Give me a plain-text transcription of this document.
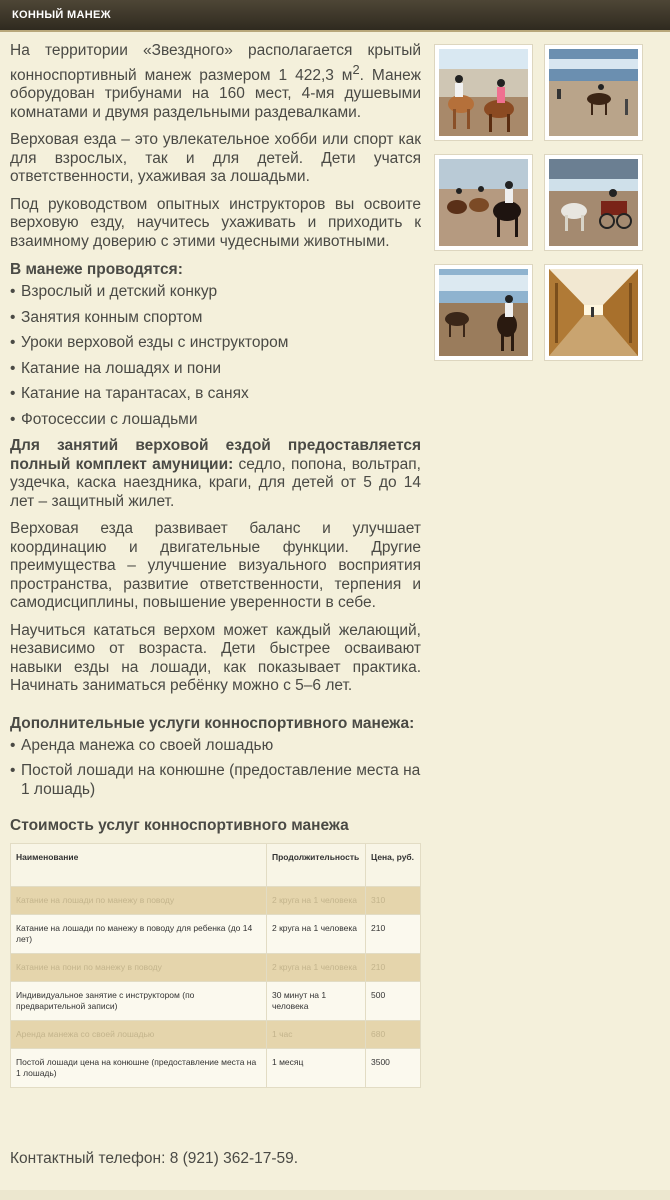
КОННЫЙ МАНЕЖ

На территории «Звездного» располагается крытый конноспортивный манеж размером 1 422,3 $м^2$. Манеж оборудован трибунами на 160 мест, 4-мя душевыми комнатами и двумя раздельными раздевалками.

Верховая езда – это увлекательное хобби или спорт как для взрослых, так и для детей. Дети учатся ответственности, ухаживая за лошадьми.

Под руководством опытных инструкторов вы освоите верховую езду, научитесь ухаживать и приходить к взаимному доверию с этими чудесными животными.

В манеже проводятся:
• Взрослый и детский конкур
• Занятия конным спортом
• Уроки верховой езды с инструктором
• Катание на лошадях и пони
• Катание на тарантасах, в санях
• Фотосессии с лошадьми

Для занятий верховой ездой предоставляется полный комплект амуниции: седло, попона, вольтрап, уздечка, каска наездника, краги, для детей от 5 до 14 лет – защитный жилет.

Верховая езда развивает баланс и улучшает координацию и двигательные функции. Другие преимущества – улучшение визуального восприятия пространства, развитие ответственности, терпения и самодисциплины, повышение уверенности в себе.

Научиться кататься верхом может каждый желающий, независимо от возраста. Дети быстрее осваивают навыки езды на лошади, как показывает практика. Начинать заниматься ребёнку можно с 5–6 лет.

Дополнительные услуги конноспортивного манежа:
• Аренда манежа со своей лошадью
• Постой лошади на конюшне (предоставление места на 1 лошадь)
Стоимость услуг конноспортивного манежа
Наименование	Продолжительность	Цена, руб.
Катание на лошади по манежу в поводу	2 круга на 1 человека	310
Катание на лошади по манежу в поводу для ребенка (до 14 лет)	2 круга на 1 человека	210
Катание на пони по манежу в поводу	2 круга на 1 человека	210
Индивидуальное занятие с инструктором (по предварительной записи)	30 минут на 1 человека	500
Аренда манежа со своей лошадью	1 час	680
Постой лошади цена на конюшне (предоставление места на 1 лошадь)	1 месяц	3500
Контактный телефон: 8 (921) 362-17-59.
